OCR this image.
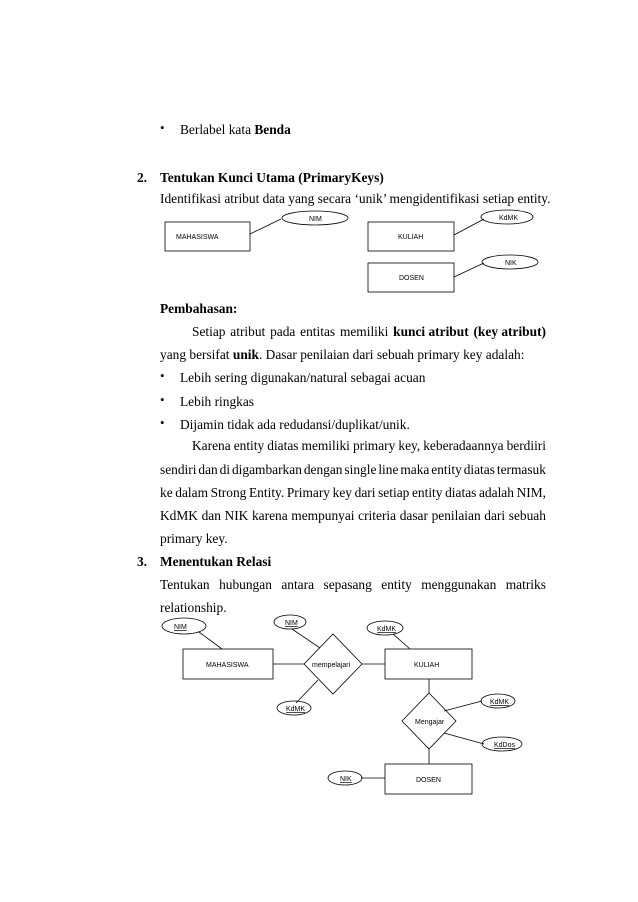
• Berlabel kata Benda
2. Tentukan Kunci Utama (PrimaryKeys)
Identifikasi atribut data yang secara ‘unik’ mengidentifikasi setiap entity.
MAHASISWA
NIM
KULIAH
KdMK
DOSEN
NIK
Pembahasan:
Setiap atribut pada entitas memiliki kunci atribut (key atribut)
yang bersifat unik. Dasar penilaian dari sebuah primary key adalah:
• Lebih sering digunakan/natural sebagai acuan
• Lebih ringkas
• Dijamin tidak ada redudansi/duplikat/unik.
Karena entity diatas memiliki primary key, keberadaannya berdiiri
sendiri dan di digambarkan dengan single line maka entity diatas termasuk
ke dalam Strong Entity. Primary key dari setiap entity diatas adalah NIM,
KdMK dan NIK karena mempunyai criteria dasar penilaian dari sebuah
primary key.
3. Menentukan Relasi
Tentukan hubungan antara sepasang entity menggunakan matriks
relationship.
MAHASISWA	KULIAH
DOSEN
mempelajari
Mengajar
NIM
NIM
KdMK
KdMK
KdMK
KdDos
NIK
